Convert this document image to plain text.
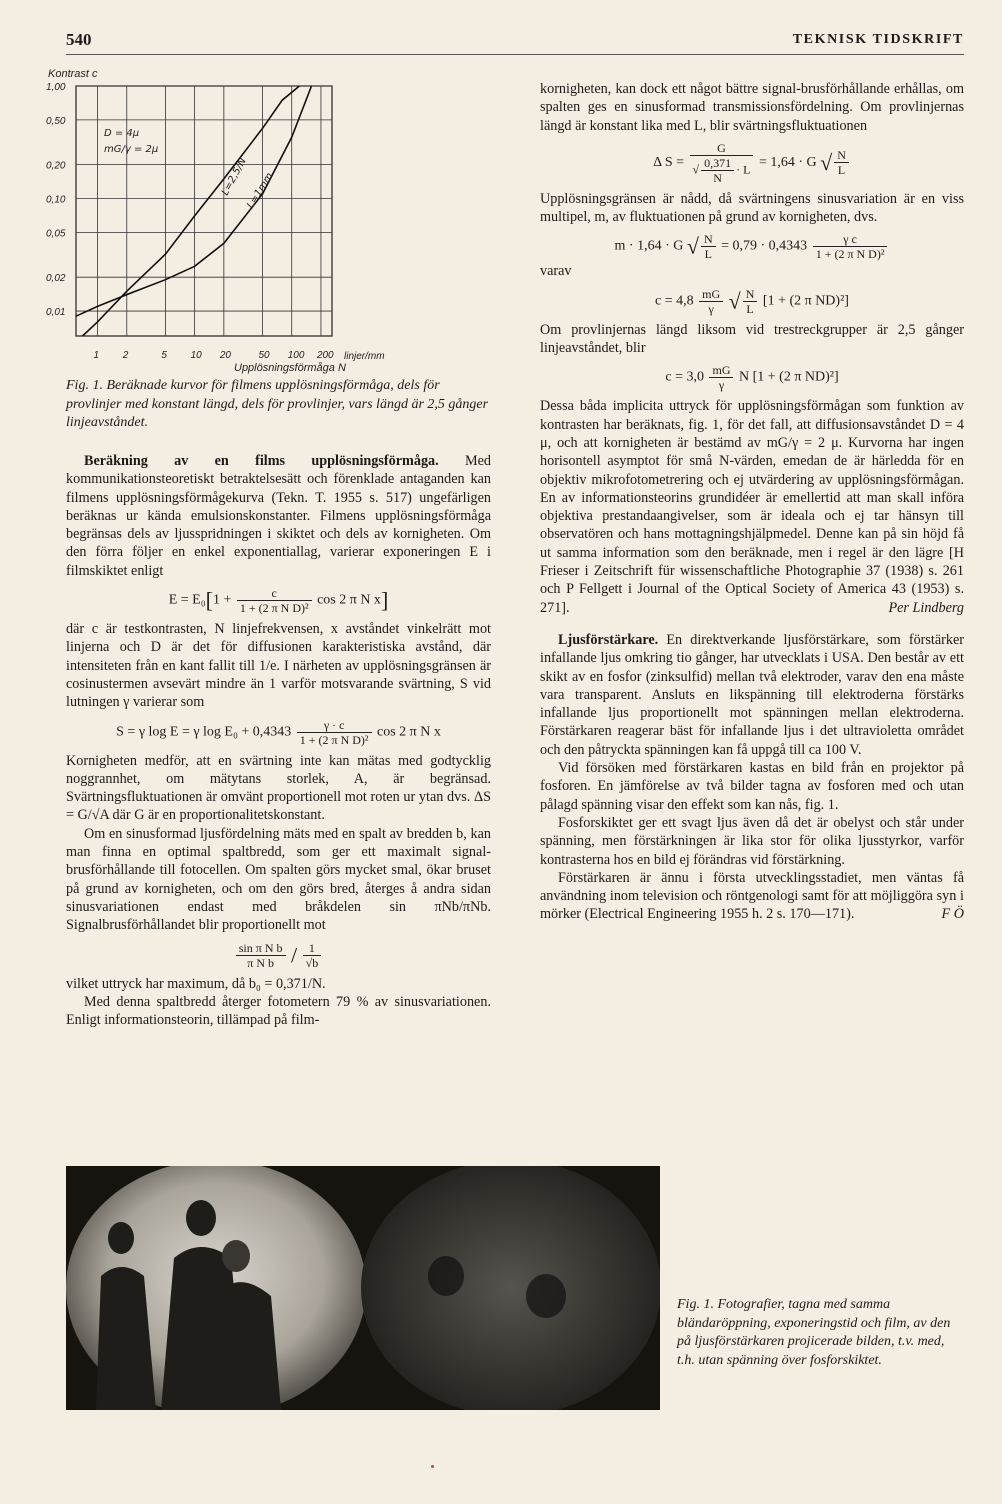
540	TEKNISK TIDSKRIFT
Kontrast c
1,00
0,50
0,20
0,10
0,05
0,02
0,01
1 2	5 10 20	50 100 200
D = 4μ
mG/γ = 2μ
L=2,5/N
L=1mm
linjer/mm
Upplösningsförmåga N
Fig. 1. Beräknade kurvor för filmens upplösningsförmåga, dels för provlinjer med konstant längd, dels för provlinjer, vars längd är 2,5 gånger linjeavståndet.

Beräkning av en films upplösningsförmåga. Med kommunikationsteoretiskt betraktelsesätt och förenklade antaganden kan filmens upplösningsförmågekurva (Tekn. T. 1955 s. 517) ungefärligen beräknas ur kända emulsionskonstanter. Filmens upplösningsförmåga begränsas dels av ljusspridningen i skiktet och dels av kornigheten. Om den förra följer en enkel exponentiallag, varierar exponeringen E i filmskiktet enligt

$E = E_0[1 + \frac{c}{\text{1 + (2 π N D)²}}$ cos 2 π N x]

där c är testkontrasten, N linjefrekvensen, x avståndet vinkelrätt mot linjerna och D är det för diffusionen karakteristiska avstånd, där intensiteten från en kant fallit till 1/e. I närheten av upplösningsgränsen är cosinustermen avsevärt mindre än 1 varför motsvarande svärtning, S vid lutningen γ varierar som

S = γ log E = γ $\log E_0 + 0,4343 \frac{\gamma \cdot c}{\text{1 + (2 π N D)²}}$ cos 2 π N x

Kornigheten medför, att en svärtning inte kan mätas med godtycklig noggrannhet, om mätytans storlek, A, är begränsad. Svärtningsfluktuationen är omvänt proportionell mot roten ur ytan dvs. ΔS = G/√A där G är en proportionalitetskonstant.

Om en sinusformad ljusfördelning mäts med en spalt av bredden b, kan man finna en optimal spaltbredd, som ger ett maximalt signal-brusförhållande till fotocellen. Om spalten görs mycket smal, ökar bruset på grund av kornigheten, och om den görs bred, återges å andra sidan sinusvariationen endast med bråkdelen sin πNb/πNb. Signalbrusförhållandet blir proportionellt mot

$\frac{\text{sin π N b}}{\text{π N b}} / \frac{1}{√b}$

vilket uttryck har maximum, då b₀ = 0,371/N.

Med denna spaltbredd återger fotometern 79 % av sinusvariationen. Enligt informationsteorin, tillämpad på film-

kornigheten, kan dock ett något bättre signal-brusförhållande erhållas, om spalten ges en sinusformad transmissionsfördelning. Om provlinjernas längd är konstant lika med L, blir svärtningsfluktuationen

Δ $S = \frac{G}{√ \frac{0,371}{N} \cdot L} = 1,64 \cdot G$ √ $\frac{N}{L}$

Upplösningsgränsen är nådd, då svärtningens sinusvariation är en viss multipel, m, av fluktuationen på grund av kornigheten, dvs.

m · 1,64 · G √ $\frac{N}{L} = 0,79 \cdot 0,4343 \frac{\text{γ c}}{\text{1 + (2 π N D)²}}$
varav
$c = 4,8 \frac{mG}{\gamma}$ √ $\frac{N}{L} [1 + (2$ π ND)²]

Om provlinjernas längd liksom vid trestreckgrupper är 2,5 gånger linjeavståndet, blir

$c = 3,0 \frac{mG}{\gamma}$ N [1 + (2 π ND)²]

Dessa båda implicita uttryck för upplösningsförmågan som funktion av kontrasten har beräknats, fig. 1, för det fall, att diffusionsavståndet D = 4 μ, och att kornigheten är bestämd av mG/γ = 2 μ. Kurvorna har ingen horisontell asymptot för små N-värden, emedan de är härledda för en objektiv mikrofotometrering och ej utvärdering av upplösningsförmågan. En av informationsteorins grundidéer är emellertid att man skall införa objektiva prestandaangivelser, som är ideala och ej tar hänsyn till observatören och hans mottagningshjälpmedel. Denne kan på sin höjd få ut samma information som den beräknade, men i regel är den lägre [H Frieser i Zeitschrift für wissenschaftliche Photographie 37 (1938) s. 261 och P Fellgett i Journal of the Optical Society of America 43 (1953) s. 271].	Per Lindberg

Ljusförstärkare. En direktverkande ljusförstärkare, som förstärker infallande ljus omkring tio gånger, har utvecklats i USA. Den består av ett skikt av en fosfor (zinksulfid) mellan två elektroder, varav den ena måste vara transparent. Ansluts en likspänning till elektroderna förstärks infallande ljus proportionellt mot spänningen mellan elektroderna. Förstärkaren reagerar bäst för infallande ljus i det ultravioletta området och den påtryckta spänningen kan få uppgå till ca 100 V.

Vid försöken med förstärkaren kastas en bild från en projektor på fosforen. En jämförelse av två bilder tagna av fosforen med och utan pålagd spänning visar den effekt som kan nås, fig. 1.

Fosforskiktet ger ett svagt ljus även då det är obelyst och står under spänning, men förstärkningen är lika stor för olika ljusstyrkor, varför kontrasterna hos en bild ej förändras vid förstärkning.

Förstärkaren är ännu i första utvecklingsstadiet, men väntas få användning inom television och röntgenologi samt för att möjliggöra syn i mörker (Electrical Engineering 1955 h. 2 s. 170—171).	F Ö

Fig. 1. Fotografier, tagna med samma bländaröppning, exponeringstid och film, av den på ljusförstärkaren projicerade bilden, t.v. med, t.h. utan spänning över fosforskiktet.
